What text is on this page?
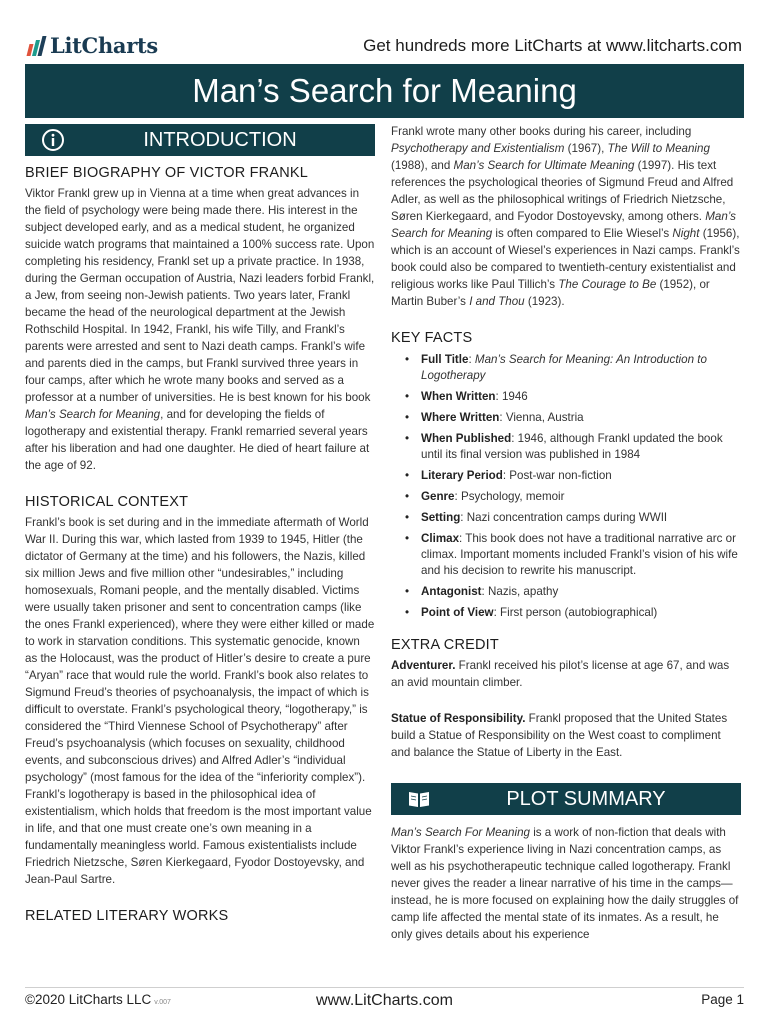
LitCharts	Get hundreds more LitCharts at www.litcharts.com
Man’s Search for Meaning
INTRODUCTION
BRIEF BIOGRAPHY OF VICTOR FRANKL

Viktor Frankl grew up in Vienna at a time when great advances in the field of psychology were being made there. His interest in the subject developed early, and as a medical student, he organized suicide watch programs that maintained a 100% success rate. Upon completing his residency, Frankl set up a private practice. In 1938, during the German occupation of Austria, Nazi leaders forbid Frankl, a Jew, from seeing non-Jewish patients. Two years later, Frankl became the head of the neurological department at the Jewish Rothschild Hospital. In 1942, Frankl, his wife Tilly, and Frankl’s parents were arrested and sent to Nazi death camps. Frankl’s wife and parents died in the camps, but Frankl survived three years in four camps, after which he wrote many books and served as a professor at a number of universities. He is best known for his book Man’s Search for Meaning, and for developing the fields of logotherapy and existential therapy. Frankl remarried several years after his liberation and had one daughter. He died of heart failure at the age of 92.

HISTORICAL CONTEXT

Frankl’s book is set during and in the immediate aftermath of World War II. During this war, which lasted from 1939 to 1945, Hitler (the dictator of Germany at the time) and his followers, the Nazis, killed six million Jews and five million other “undesirables,” including homosexuals, Romani people, and the mentally disabled. Victims were usually taken prisoner and sent to concentration camps (like the ones Frankl experienced), where they were either killed or made to work in starvation conditions. This systematic genocide, known as the Holocaust, was the product of Hitler’s desire to create a pure “Aryan” race that would rule the world. Frankl’s book also relates to Sigmund Freud’s theories of psychoanalysis, the impact of which is difficult to overstate. Frankl’s psychological theory, “logotherapy,” is considered the “Third Viennese School of Psychotherapy” after Freud’s psychoanalysis (which focuses on sexuality, childhood events, and subconscious drives) and Alfred Adler’s “individual psychology” (most famous for the idea of the “inferiority complex”). Frankl’s logotherapy is based in the philosophical idea of existentialism, which holds that freedom is the most important value in life, and that one must create one’s own meaning in a fundamentally meaningless world. Famous existentialists include Friedrich Nietzsche, Søren Kierkegaard, Fyodor Dostoyevsky, and Jean-Paul Sartre.

RELATED LITERARY WORKS

Frankl wrote many other books during his career, including Psychotherapy and Existentialism (1967), The Will to Meaning (1988), and Man’s Search for Ultimate Meaning (1997). His text references the psychological theories of Sigmund Freud and Alfred Adler, as well as the philosophical writings of Friedrich Nietzsche, Søren Kierkegaard, and Fyodor Dostoyevsky, among others. Man’s Search for Meaning is often compared to Elie Wiesel’s Night (1956), which is an account of Wiesel’s experiences in Nazi camps. Frankl’s book could also be compared to twentieth-century existentialist and religious works like Paul Tillich’s The Courage to Be (1952), or Martin Buber’s I and Thou (1923).

KEY FACTS
• Full Title: Man’s Search for Meaning: An Introduction to Logotherapy
• When Written: 1946
• Where Written: Vienna, Austria
• When Published: 1946, although Frankl updated the book until its final version was published in 1984
• Literary Period: Post-war non-fiction
• Genre: Psychology, memoir
• Setting: Nazi concentration camps during WWII
• Climax: This book does not have a traditional narrative arc or climax. Important moments included Frankl’s vision of his wife and his decision to rewrite his manuscript.
• Antagonist: Nazis, apathy
• Point of View: First person (autobiographical)
EXTRA CREDIT

Adventurer. Frankl received his pilot’s license at age 67, and was an avid mountain climber.

Statue of Responsibility. Frankl proposed that the United States build a Statue of Responsibility on the West coast to compliment and balance the Statue of Liberty in the East.

PLOT SUMMARY

Man’s Search For Meaning is a work of non-fiction that deals with Viktor Frankl’s experience living in Nazi concentration camps, as well as his psychotherapeutic technique called logotherapy. Frankl never gives the reader a linear narrative of his time in the camps—instead, he is more focused on explaining how the daily struggles of camp life affected the mental state of its inmates. As a result, he only gives details about his experience

©2020 LitCharts LLC v.007	www.LitCharts.com	Page 1
